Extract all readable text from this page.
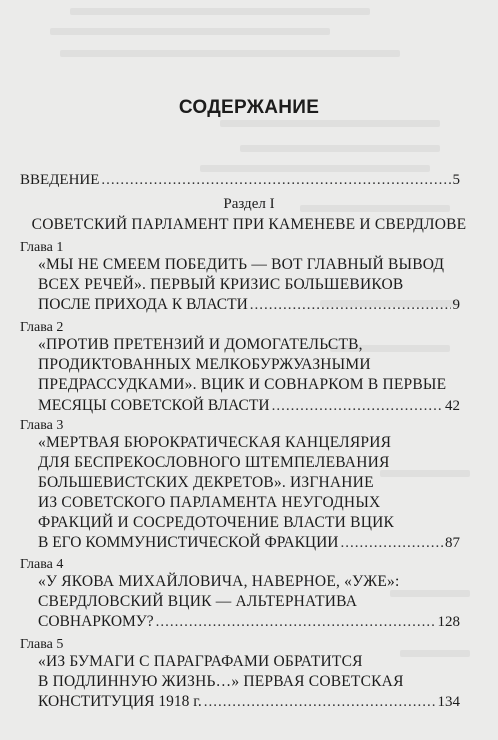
СОДЕРЖАНИЕ
ВВЕДЕНИЕ .....	5
Раздел I
СОВЕТСКИЙ ПАРЛАМЕНТ ПРИ КАМЕНЕВЕ И СВЕРДЛОВЕ
Глава 1
«МЫ НЕ СМЕЕМ ПОБЕДИТЬ — ВОТ ГЛАВНЫЙ ВЫВОД
ВСЕХ РЕЧЕЙ». ПЕРВЫЙ КРИЗИС БОЛЬШЕВИКОВ
ПОСЛЕ ПРИХОДА К ВЛАСТИ .....	9
Глава 2
«ПРОТИВ ПРЕТЕНЗИЙ И ДОМОГАТЕЛЬСТВ,
ПРОДИКТОВАННЫХ МЕЛКОБУРЖУАЗНЫМИ
ПРЕДРАССУДКАМИ». ВЦИК И СОВНАРКОМ В ПЕРВЫЕ
МЕСЯЦЫ СОВЕТСКОЙ ВЛАСТИ .....	42
Глава 3
«МЕРТВАЯ БЮРОКРАТИЧЕСКАЯ КАНЦЕЛЯРИЯ
ДЛЯ БЕСПРЕКОСЛОВНОГО ШТЕМПЕЛЕВАНИЯ
БОЛЬШЕВИСТСКИХ ДЕКРЕТОВ». ИЗГНАНИЕ
ИЗ СОВЕТСКОГО ПАРЛАМЕНТА НЕУГОДНЫХ
ФРАКЦИЙ И СОСРЕДОТОЧЕНИЕ ВЛАСТИ ВЦИК
В ЕГО КОММУНИСТИЧЕСКОЙ ФРАКЦИИ .....	87
Глава 4
«У ЯКОВА МИХАЙЛОВИЧА, НАВЕРНОЕ, «УЖЕ»:
СВЕРДЛОВСКИЙ ВЦИК — АЛЬТЕРНАТИВА
СОВНАРКОМУ? .....	128
Глава 5
«ИЗ БУМАГИ С ПАРАГРАФАМИ ОБРАТИТСЯ
В ПОДЛИННУЮ ЖИЗНЬ…» ПЕРВАЯ СОВЕТСКАЯ
КОНСТИТУЦИЯ 1918 г. .....	134
